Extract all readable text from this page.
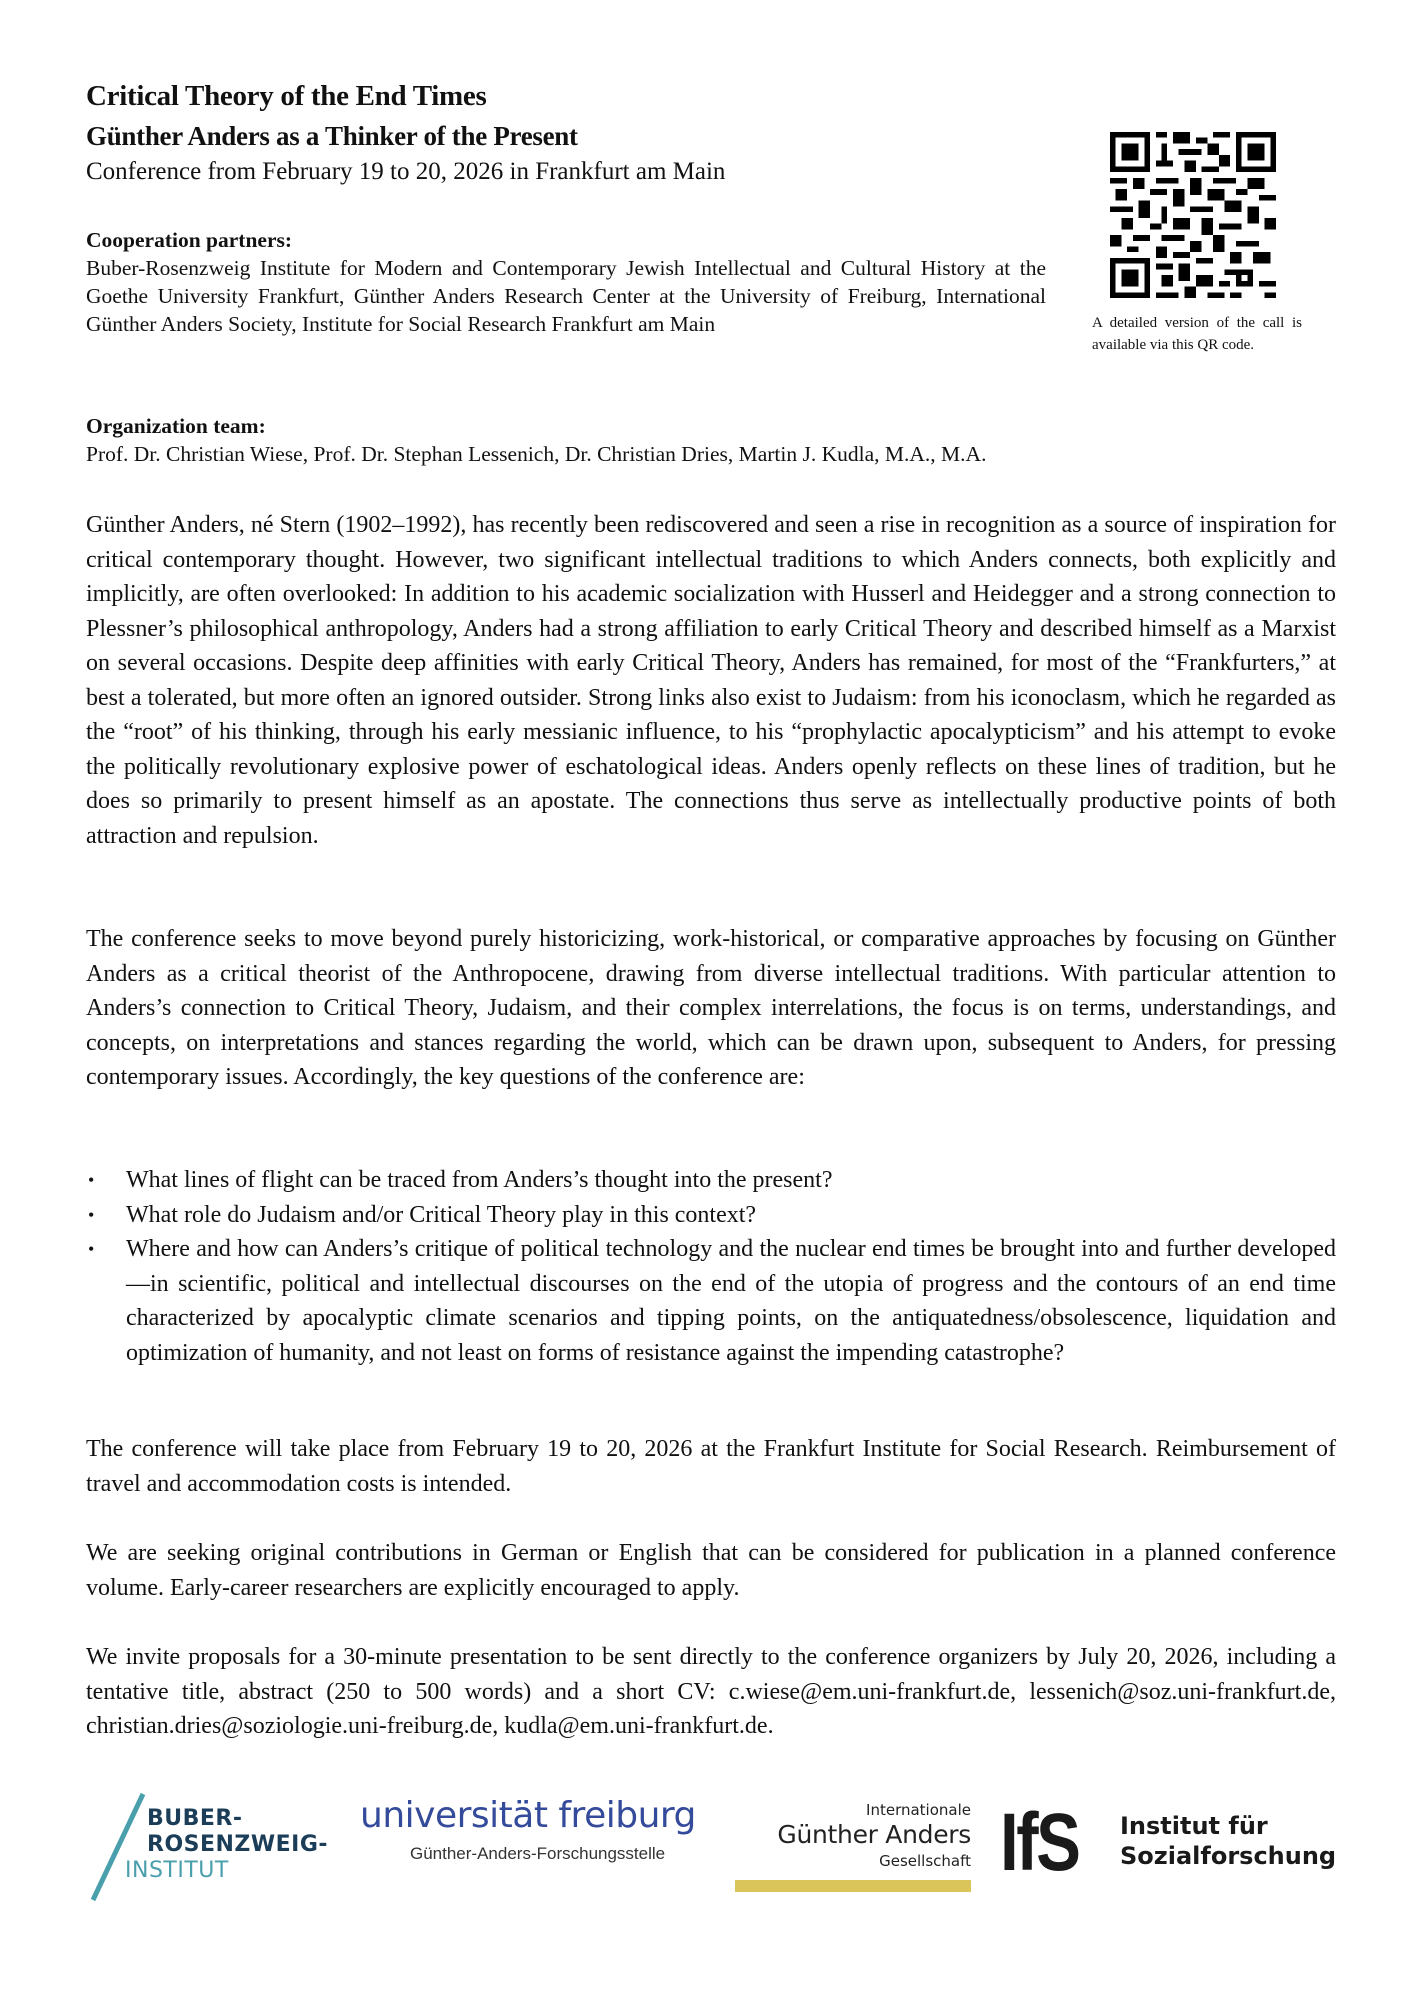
Critical Theory of the End Times
Günther Anders as a Thinker of the Present
Conference from February 19 to 20, 2026 in Frankfurt am Main
A detailed version of the call is available via this QR code.
Cooperation partners:
Buber-Rosenzweig Institute for Modern and Contemporary Jewish Intellectual and Cultural History at the Goethe University Frankfurt, Günther Anders Research Center at the University of Freiburg, International Günther Anders Society, Institute for Social Research Frankfurt am Main
Organization team:
Prof. Dr. Christian Wiese, Prof. Dr. Stephan Lessenich, Dr. Christian Dries, Martin J. Kudla, M.A., M.A.
Günther Anders, né Stern (1902–1992), has recently been rediscovered and seen a rise in recognition as a source of inspiration for critical contemporary thought. However, two significant intellectual traditions to which Anders connects, both explicitly and implicitly, are often overlooked: In addition to his academic socialization with Husserl and Heidegger and a strong connection to Plessner’s philosophical anthropology, Anders had a strong affiliation to early Critical Theory and described himself as a Marxist on several occasions. Despite deep affinities with early Critical Theory, Anders has remained, for most of the “Frankfurters,” at best a tolerated, but more often an ignored outsider. Strong links also exist to Judaism: from his iconoclasm, which he regarded as the “root” of his thinking, through his early messianic influence, to his “prophylactic apocalypticism” and his attempt to evoke the politically revolutionary explosive power of eschatological ideas. Anders openly reflects on these lines of tradition, but he does so primarily to present himself as an apostate. The connections thus serve as intellectually productive points of both attraction and repulsion.
The conference seeks to move beyond purely historicizing, work-historical, or comparative approaches by focusing on Günther Anders as a critical theorist of the Anthropocene, drawing from diverse intellectual traditions. With particular attention to Anders’s connection to Critical Theory, Judaism, and their complex interrelations, the focus is on terms, understandings, and concepts, on interpretations and stances regarding the world, which can be drawn upon, subsequent to Anders, for pressing contemporary issues. Accordingly, the key questions of the conference are:
• What lines of flight can be traced from Anders’s thought into the present?
• What role do Judaism and/or Critical Theory play in this context?
• Where and how can Anders’s critique of political technology and the nuclear end times be brought into and further developed—in scientific, political and intellectual discourses on the end of the utopia of progress and the contours of an end time characterized by apocalyptic climate scenarios and tipping points, on the antiquatedness/obsolescence, liquidation and optimization of humanity, and not least on forms of resistance against the impending catastrophe?
The conference will take place from February 19 to 20, 2026 at the Frankfurt Institute for Social Research. Reimbursement of travel and accommodation costs is intended.
We are seeking original contributions in German or English that can be considered for publication in a planned conference volume. Early-career researchers are explicitly encouraged to apply.
We invite proposals for a 30-minute presentation to be sent directly to the conference organizers by July 20, 2026, including a tentative title, abstract (250 to 500 words) and a short CV: c.wiese@em.uni-frankfurt.de, lessenich@soz.uni-frankfurt.de, christian.dries@soziologie.uni-freiburg.de, kudla@em.uni-frankfurt.de.
BUBER-
ROSENZWEIG-
INSTITUT
universität freiburg
Günther-Anders-Forschungsstelle
Internationale
Günther Anders
Gesellschaft IfS Institut für
Sozialforschung
